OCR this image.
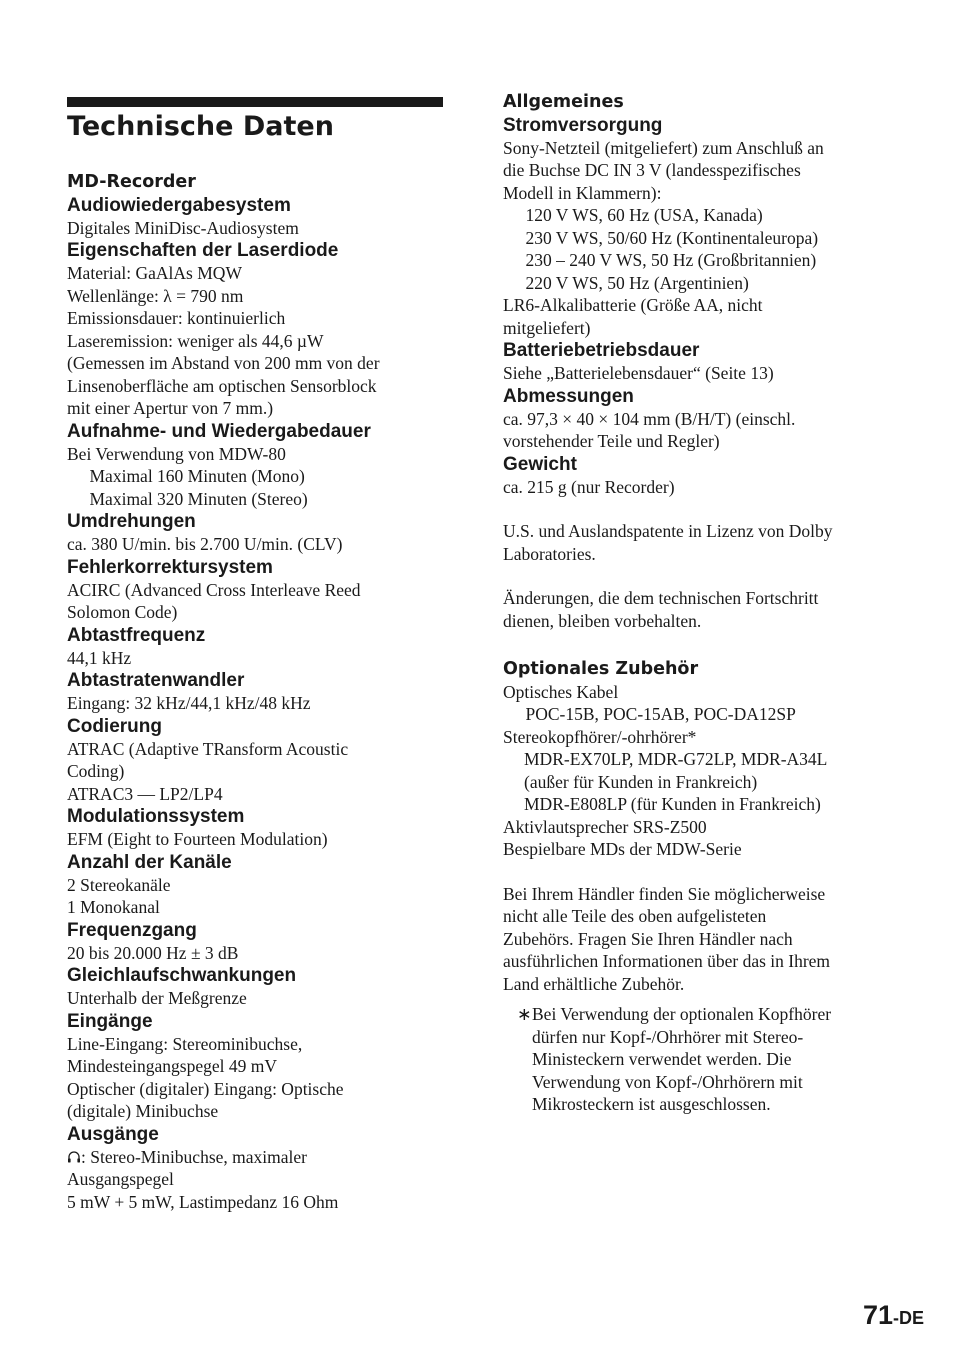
Technische Daten

MD-Recorder

Audiowiedergabesystem

Digitales MiniDisc-Audiosystem

Eigenschaften der Laserdiode

Material: GaAlAs MQW

Wellenlänge: λ = 790 nm

Emissionsdauer: kontinuierlich

Laseremission: weniger als 44,6 µW

(Gemessen im Abstand von 200 mm von der

Linsenoberfläche am optischen Sensorblock

mit einer Apertur von 7 mm.)

Aufnahme- und Wiedergabedauer

Bei Verwendung von MDW-80

Maximal 160 Minuten (Mono)

Maximal 320 Minuten (Stereo)

Umdrehungen

ca. 380 U/min. bis 2.700 U/min. (CLV)

Fehlerkorrektursystem

ACIRC (Advanced Cross Interleave Reed

Solomon Code)

Abtastfrequenz

44,1 kHz

Abtastratenwandler

Eingang: 32 kHz/44,1 kHz/48 kHz

Codierung

ATRAC (Adaptive TRansform Acoustic

Coding)

ATRAC3 — LP2/LP4

Modulationssystem

EFM (Eight to Fourteen Modulation)

Anzahl der Kanäle

2 Stereokanäle

1 Monokanal

Frequenzgang

20 bis 20.000 Hz ± 3 dB

Gleichlaufschwankungen

Unterhalb der Meßgrenze

Eingänge

Line-Eingang: Stereominibuchse,

Mindesteingangspegel 49 mV

Optischer (digitaler) Eingang: Optische

(digitale) Minibuchse

Ausgänge

: Stereo-Minibuchse, maximaler

Ausgangspegel

5 mW + 5 mW, Lastimpedanz 16 Ohm

Allgemeines

Stromversorgung

Sony-Netzteil (mitgeliefert) zum Anschluß an

die Buchse DC IN 3 V (landesspezifisches

Modell in Klammern):

120 V WS, 60 Hz (USA, Kanada)

230 V WS, 50/60 Hz (Kontinentaleuropa)

230 – 240 V WS, 50 Hz (Großbritannien)

220 V WS, 50 Hz (Argentinien)

LR6-Alkalibatterie (Größe AA, nicht

mitgeliefert)

Batteriebetriebsdauer

Siehe „Batterielebensdauer“ (Seite 13)

Abmessungen

ca. 97,3 × 40 × 104 mm (B/H/T) (einschl.

vorstehender Teile und Regler)

Gewicht

ca. 215 g (nur Recorder)

U.S. und Auslandspatente in Lizenz von Dolby

Laboratories.

Änderungen, die dem technischen Fortschritt

dienen, bleiben vorbehalten.

Optionales Zubehör

Optisches Kabel

POC-15B, POC-15AB, POC-DA12SP

Stereokopfhörer/-ohrhörer*

MDR-EX70LP, MDR-G72LP, MDR-A34L

(außer für Kunden in Frankreich)

MDR-E808LP (für Kunden in Frankreich)

Aktivlautsprecher SRS-Z500

Bespielbare MDs der MDW-Serie

Bei Ihrem Händler finden Sie möglicherweise

nicht alle Teile des oben aufgelisteten

Zubehörs. Fragen Sie Ihren Händler nach

ausführlichen Informationen über das in Ihrem

Land erhältliche Zubehör.

∗ Bei Verwendung der optionalen Kopfhörer

dürfen nur Kopf-/Ohrhörer mit Stereo-

Ministeckern verwendet werden. Die

Verwendung von Kopf-/Ohrhörern mit

Mikrosteckern ist ausgeschlossen.

71-DE
